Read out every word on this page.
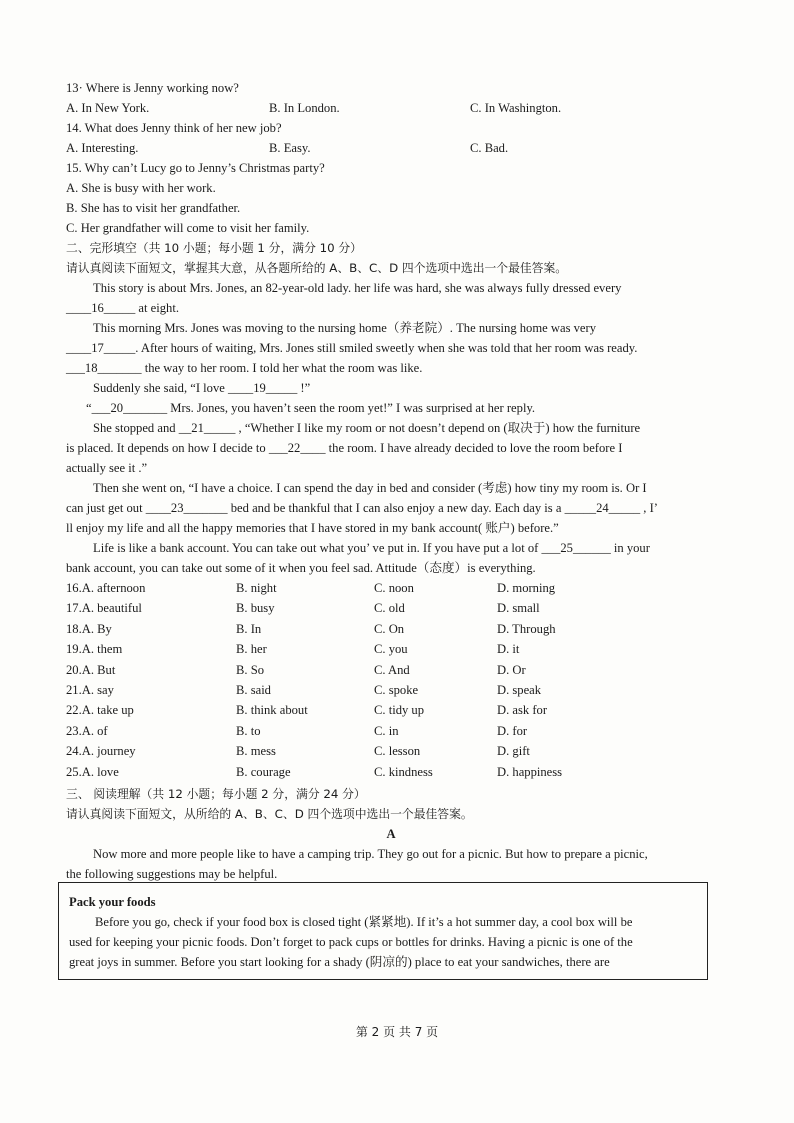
13· Where is Jenny working now?
A. In New York.	B. In London.	C. In Washington.
14. What does Jenny think of her new job?
A. Interesting.	B. Easy.	C. Bad.
15. Why can’t Lucy go to Jenny’s Christmas party?
A. She is busy with her work.
B. She has to visit her grandfather.
C. Her grandfather will come to visit her family.
二、完形填空（共 10 小题；每小题 1 分，满分 10 分）
请认真阅读下面短文，掌握其大意，从各题所给的 A、B、C、D 四个选项中选出一个最佳答案。
This story is about Mrs. Jones, an 82-year-old lady. her life was hard, she was always fully dressed every
____16_____ at eight.
This morning Mrs. Jones was moving to the nursing home（养老院）. The nursing home was very
____17_____. After hours of waiting, Mrs. Jones still smiled sweetly when she was told that her room was ready.
___18_______ the way to her room. I told her what the room was like.
Suddenly she said, “I love ____19_____ !”
“___20_______ Mrs. Jones, you haven’t seen the room yet!” I was surprised at her reply.
She stopped and __21_____ , “Whether I like my room or not doesn’t depend on (取决于) how the furniture
is placed. It depends on how I decide to ___22____ the room. I have already decided to love the room before I
actually see it .”
Then she went on, “I have a choice. I can spend the day in bed and consider (考虑) how tiny my room is. Or I
can just get out ____23_______ bed and be thankful that I can also enjoy a new day. Each day is a _____24_____ , I’
ll enjoy my life and all the happy memories that I have stored in my bank account( 账户) before.”
Life is like a bank account. You can take out what you’ ve put in. If you have put a lot of ___25______ in your
bank account, you can take out some of it when you feel sad. Attitude（态度）is everything.
16.A. afternoon	B. night	C. noon	D. morning
17.A. beautiful	B. busy	C. old	D. small
18.A. By	B. In	C. On	D. Through
19.A. them	B. her	C. you	D. it
20.A. But	B. So	C. And	D. Or
21.A. say	B. said	C. spoke	D. speak
22.A. take up	B. think about	C. tidy up	D. ask for
23.A. of	B. to	C. in	D. for
24.A. journey	B. mess	C. lesson	D. gift
25.A. love	B. courage	C. kindness	D. happiness
三、 阅读理解（共 12 小题；每小题 2 分，满分 24 分）
请认真阅读下面短文，从所给的 A、B、C、D 四个选项中选出一个最佳答案。
A
Now more and more people like to have a camping trip. They go out for a picnic. But how to prepare a picnic,
the following suggestions may be helpful.
Pack your foods
Before you go, check if your food box is closed tight (紧紧地). If it’s a hot summer day, a cool box will be
used for keeping your picnic foods. Don’t forget to pack cups or bottles for drinks. Having a picnic is one of the
great joys in summer. Before you start looking for a shady (阴凉的) place to eat your sandwiches, there are
第 2 页 共 7 页
